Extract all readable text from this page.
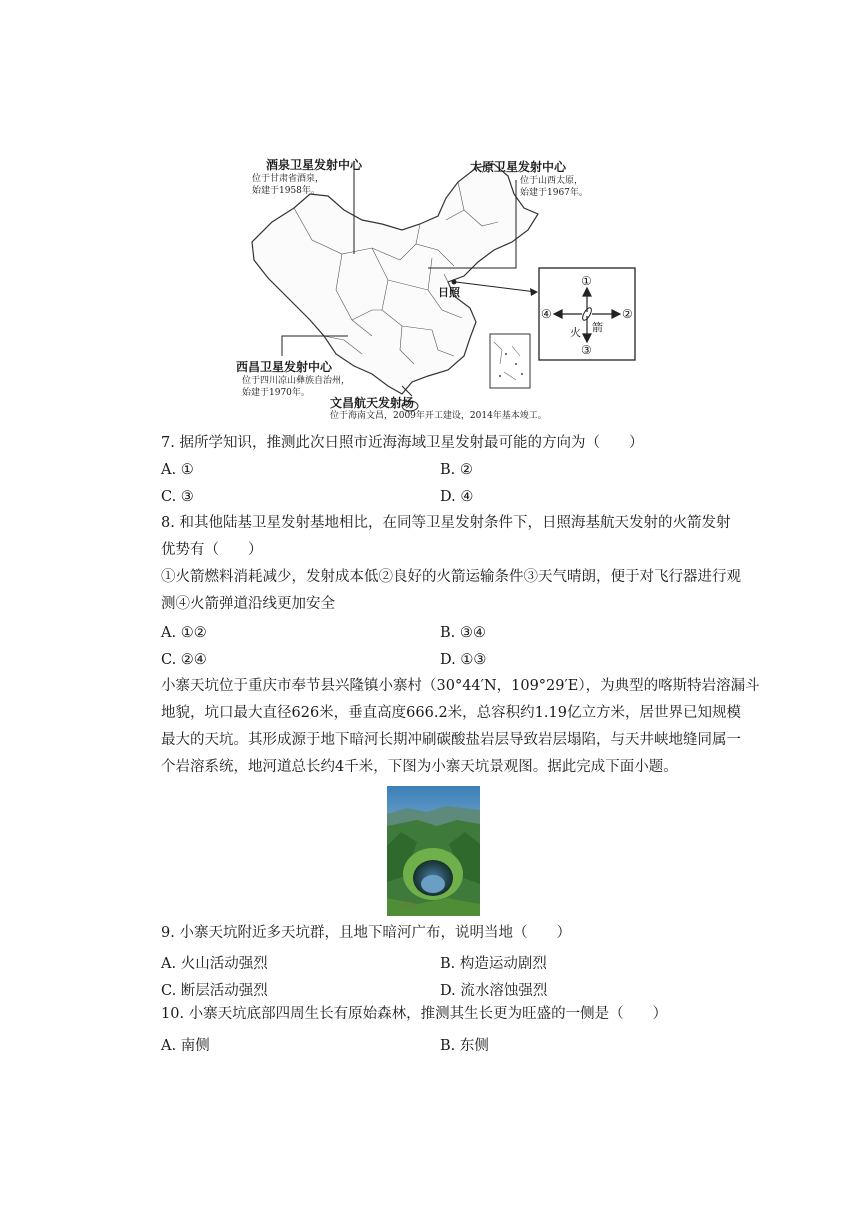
酒泉卫星发射中心
位于甘肃省酒泉，
始建于1958年。
太原卫星发射中心
位于山西太原，
始建于1967年。
西昌卫星发射中心
位于四川凉山彝族自治州，
始建于1970年。
文昌航天发射场
位于海南文昌，2009年开工建设，2014年基本竣工。
日照
①
②
③
④
火 箭
7. 据所学知识，推测此次日照市近海海域卫星发射最可能的方向为（　　）
A. ①	B. ②
C. ③	D. ④
8. 和其他陆基卫星发射基地相比，在同等卫星发射条件下，日照海基航天发射的火箭发射
优势有（　　）
①火箭燃料消耗减少，发射成本低②良好的火箭运输条件③天气晴朗，便于对飞行器进行观
测④火箭弹道沿线更加安全
A. ①②	B. ③④
C. ②④	D. ①③
小寨天坑位于重庆市奉节县兴隆镇小寨村（30°44′N，109°29′E），为典型的喀斯特岩溶漏斗
地貌，坑口最大直径626米，垂直高度666.2米，总容积约1.19亿立方米，居世界已知规模
最大的天坑。其形成源于地下暗河长期冲刷碳酸盐岩层导致岩层塌陷，与天井峡地缝同属一
个岩溶系统，地河道总长约4千米，下图为小寨天坑景观图。据此完成下面小题。
9. 小寨天坑附近多天坑群，且地下暗河广布，说明当地（　　）
A. 火山活动强烈	B. 构造运动剧烈
C. 断层活动强烈	D. 流水溶蚀强烈
10. 小寨天坑底部四周生长有原始森林，推测其生长更为旺盛的一侧是（　　）
A. 南侧	B. 东侧
